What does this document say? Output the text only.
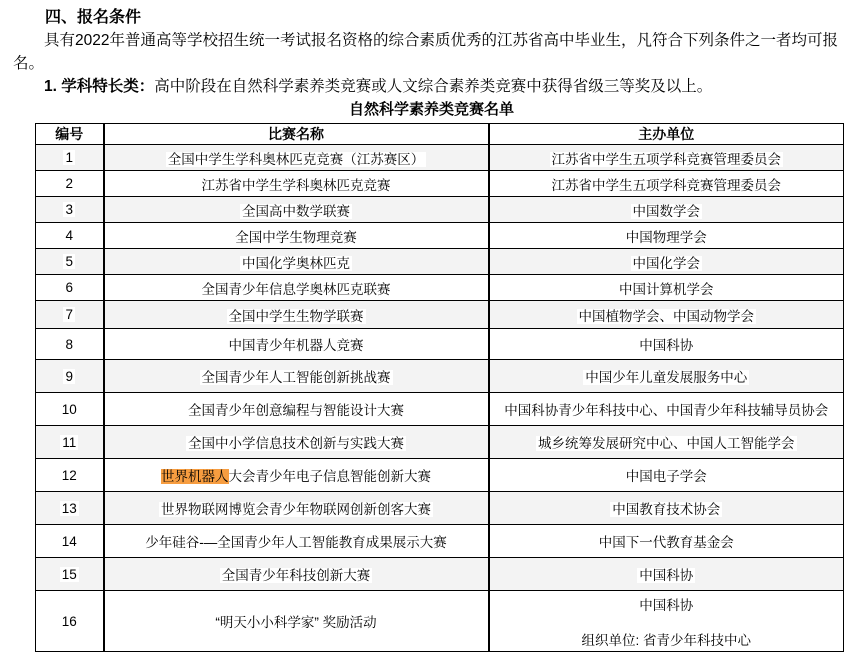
四、报名条件
具有2022年普通高等学校招生统一考试报名资格的综合素质优秀的江苏省高中毕业生，凡符合下列条件之一者均可报名。
1. 学科特长类：高中阶段在自然科学素养类竞赛或人文综合素养类竞赛中获得省级三等奖及以上。
自然科学素养类竞赛名单
编号	比赛名称	主办单位
1	全国中学生学科奥林匹克竞赛（江苏赛区）	江苏省中学生五项学科竞赛管理委员会

2	江苏省中学生学科奥林匹克竞赛	江苏省中学生五项学科竞赛管理委员会

3	全国高中数学联赛	中国数学会

4	全国中学生物理竞赛	中国物理学会

5	中国化学奥林匹克	中国化学会

6	全国青少年信息学奥林匹克联赛	中国计算机学会

7	全国中学生生物学联赛	中国植物学会、中国动物学会

8	中国青少年机器人竞赛	中国科协

9	全国青少年人工智能创新挑战赛	中国少年儿童发展服务中心

10	全国青少年创意编程与智能设计大赛	中国科协青少年科技中心、中国青少年科技辅导员协会

11	全国中小学信息技术创新与实践大赛	城乡统筹发展研究中心、中国人工智能学会

12	世界机器人大会青少年电子信息智能创新大赛	中国电子学会

13	世界物联网博览会青少年物联网创新创客大赛	中国教育技术协会

14	少年硅谷-—全国青少年人工智能教育成果展示大赛	中国下一代教育基金会

15	全国青少年科技创新大赛	中国科协

16	“明天小小科学家” 奖励活动	中国科协
组织单位: 省青少年科技中心
